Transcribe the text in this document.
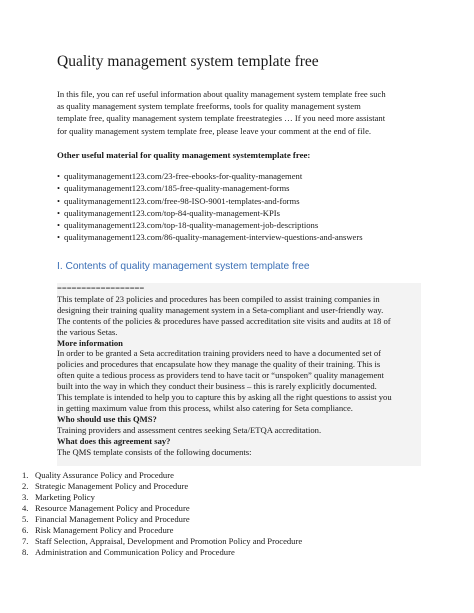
Quality management system template free

In this file, you can ref useful information about quality management system template free such

as quality management system template freeforms, tools for quality management system

template free, quality management system template freestrategies … If you need more assistant

for quality management system template free, please leave your comment at the end of file.

Other useful material for quality management systemtemplate free:
• qualitymanagement123.com/23-free-ebooks-for-quality-management
• qualitymanagement123.com/185-free-quality-management-forms
• qualitymanagement123.com/free-98-ISO-9001-templates-and-forms
• qualitymanagement123.com/top-84-quality-management-KPIs
• qualitymanagement123.com/top-18-quality-management-job-descriptions
• qualitymanagement123.com/86-quality-management-interview-questions-and-answers
I. Contents of quality management system template free

==================

This template of 23 policies and procedures has been compiled to assist training companies in

designing their training quality management system in a Seta-compliant and user-friendly way.

The contents of the policies & procedures have passed accreditation site visits and audits at 18 of

the various Setas.

More information

In order to be granted a Seta accreditation training providers need to have a documented set of

policies and procedures that encapsulate how they manage the quality of their training. This is

often quite a tedious process as providers tend to have tacit or “unspoken” quality management

built into the way in which they conduct their business – this is rarely explicitly documented.

This template is intended to help you to capture this by asking all the right questions to assist you

in getting maximum value from this process, whilst also catering for Seta compliance.

Who should use this QMS?

Training providers and assessment centres seeking Seta/ETQA accreditation.

What does this agreement say?

The QMS template consists of the following documents:

1. Quality Assurance Policy and Procedure
2. Strategic Management Policy and Procedure
3. Marketing Policy
4. Resource Management Policy and Procedure
5. Financial Management Policy and Procedure
6. Risk Management Policy and Procedure
7. Staff Selection, Appraisal, Development and Promotion Policy and Procedure
8. Administration and Communication Policy and Procedure
